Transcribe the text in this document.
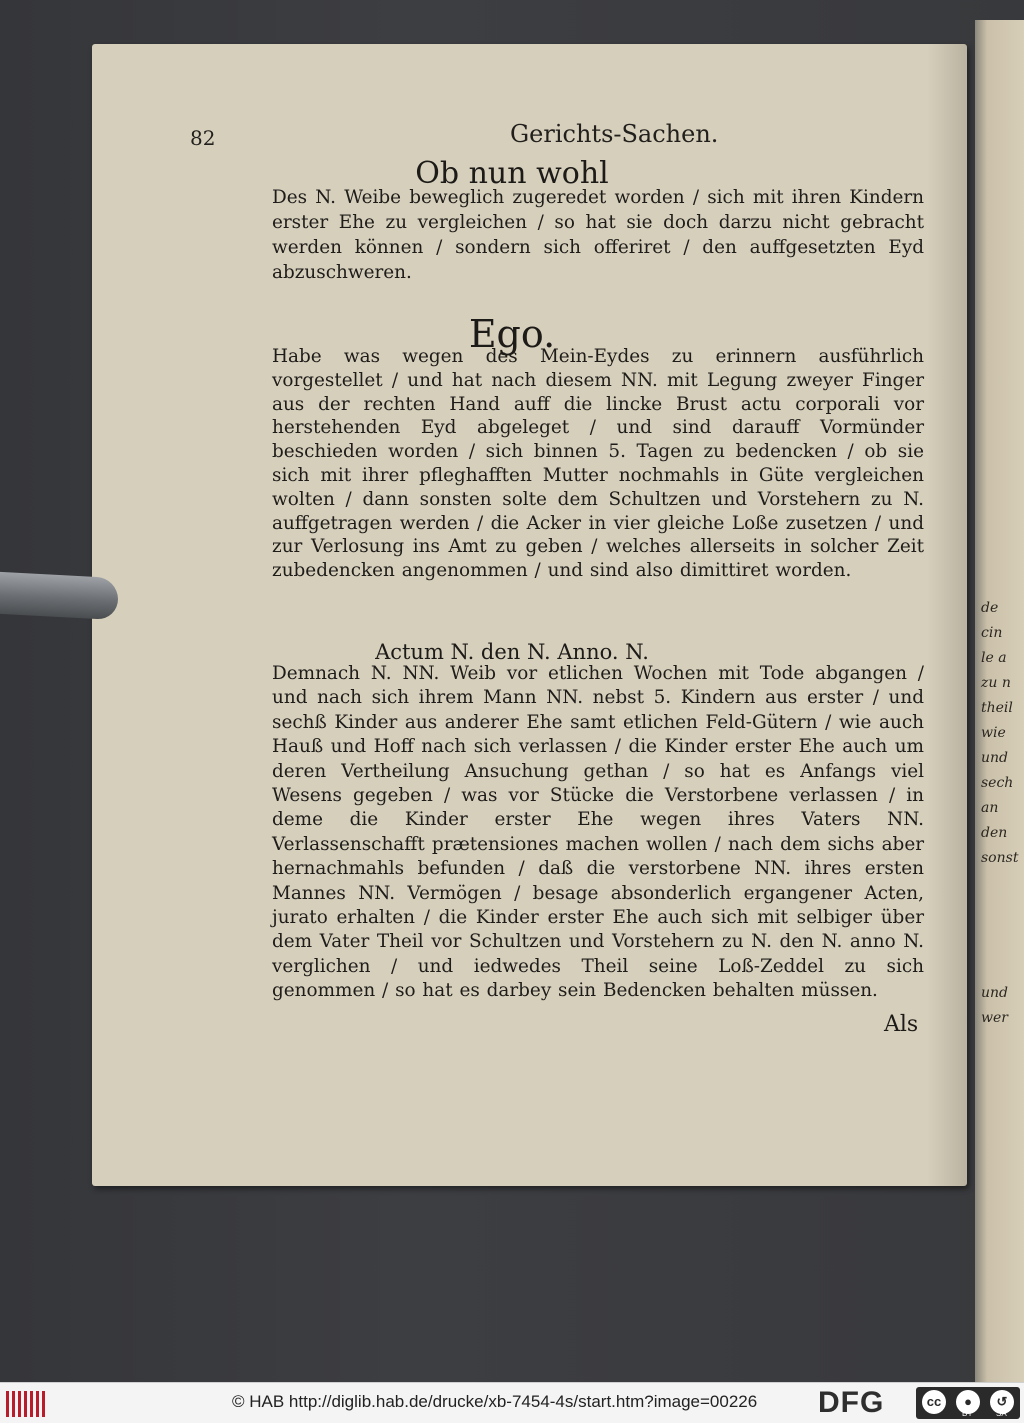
de
cin
le a
zu n
theil
wie
und
sech
an
den
sonst
und
wer
82	Gerichts-Sachen.
Ob nun wohl
Des N. Weibe beweglich zugeredet worden / sich mit ihren Kindern erster Ehe zu vergleichen / so hat sie doch darzu nicht gebracht werden können / sondern sich offeriret / den auffgesetzten Eyd abzuschweren.
Ego.
Habe was wegen des Mein-Eydes zu erinnern ausführlich vorgestellet / und hat nach diesem NN. mit Legung zweyer Finger aus der rechten Hand auff die lincke Brust actu corporali vor herstehenden Eyd abgeleget / und sind darauff Vormünder beschieden worden / sich binnen 5. Tagen zu bedencken / ob sie sich mit ihrer pfleghafften Mutter nochmahls in Güte vergleichen wolten / dann sonsten solte dem Schultzen und Vorstehern zu N. auffgetragen werden / die Acker in vier gleiche Loße zusetzen / und zur Verlosung ins Amt zu geben / welches allerseits in solcher Zeit zubedencken angenommen / und sind also dimittiret worden.
Actum N. den N. Anno. N.
Demnach N. NN. Weib vor etlichen Wochen mit Tode abgangen / und nach sich ihrem Mann NN. nebst 5. Kindern aus erster / und sechß Kinder aus anderer Ehe samt etlichen Feld-Gütern / wie auch Hauß und Hoff nach sich verlassen / die Kinder erster Ehe auch um deren Vertheilung Ansuchung gethan / so hat es Anfangs viel Wesens gegeben / was vor Stücke die Verstorbene verlassen / in deme die Kinder erster Ehe wegen ihres Vaters NN. Verlassenschafft prætensiones machen wollen / nach dem sichs aber hernachmahls befunden / daß die verstorbene NN. ihres ersten Mannes NN. Vermögen / besage absonderlich ergangener Acten, jurato erhalten / die Kinder erster Ehe auch sich mit selbiger über dem Vater Theil vor Schultzen und Vorstehern zu N. den N. anno N. verglichen / und iedwedes Theil seine Loß-Zeddel zu sich genommen / so hat es darbey sein Bedencken behalten müssen.
Als
© HAB http://diglib.hab.de/drucke/xb-7454-4s/start.htm?image=00226 DFG	cc	●	↺
BY	SA
